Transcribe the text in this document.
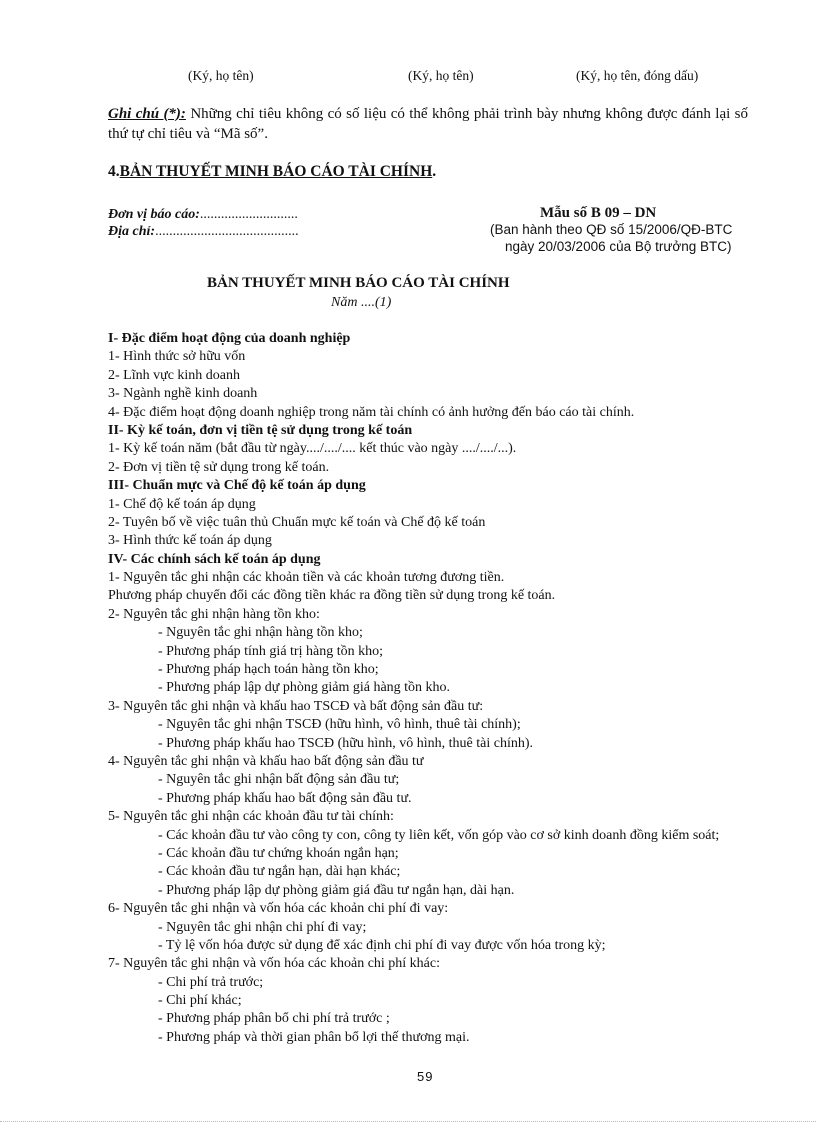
(Ký, họ tên)	(Ký, họ tên)	(Ký, họ tên, đóng dấu)
Ghi chú (*): Những chỉ tiêu không có số liệu có thể không phải trình bày nhưng không được đánh lại số thứ tự chỉ tiêu và “Mã số”.
4.BẢN THUYẾT MINH BÁO CÁO TÀI CHÍNH.
Đơn vị báo cáo:............................
Địa chỉ:.........................................
Mẫu số B 09 – DN
(Ban hành theo QĐ số 15/2006/QĐ-BTC
ngày 20/03/2006 của Bộ trưởng BTC)
BẢN THUYẾT MINH BÁO CÁO TÀI CHÍNH
Năm ....(1)
I- Đặc điểm hoạt động của doanh nghiệp
1- Hình thức sở hữu vốn
2- Lĩnh vực kinh doanh
3- Ngành nghề kinh doanh
4- Đặc điểm hoạt động doanh nghiệp trong năm tài chính có ảnh hưởng đến báo cáo tài chính.
II- Kỳ kế toán, đơn vị tiền tệ sử dụng trong kế toán
1- Kỳ kế toán năm (bắt đầu từ ngày..../..../.... kết thúc vào ngày ..../..../...).
2- Đơn vị tiền tệ sử dụng trong kế toán.
III- Chuẩn mực và Chế độ kế toán áp dụng
1- Chế độ kế toán áp dụng
2- Tuyên bố về việc tuân thủ Chuẩn mực kế toán và Chế độ kế toán
3- Hình thức kế toán áp dụng
IV- Các chính sách kế toán áp dụng
1- Nguyên tắc ghi nhận các khoản tiền và các khoản tương đương tiền.
Phương pháp chuyển đổi các đồng tiền khác ra đồng tiền sử dụng trong kế toán.
2- Nguyên tắc ghi nhận hàng tồn kho:
- Nguyên tắc ghi nhận hàng tồn kho;
- Phương pháp tính giá trị hàng tồn kho;
- Phương pháp hạch toán hàng tồn kho;
- Phương pháp lập dự phòng giảm giá hàng tồn kho.
3- Nguyên tắc ghi nhận và khấu hao TSCĐ và bất động sản đầu tư:
- Nguyên tắc ghi nhận TSCĐ (hữu hình, vô hình, thuê tài chính);
- Phương pháp khấu hao TSCĐ (hữu hình, vô hình, thuê tài chính).
4- Nguyên tắc ghi nhận và khấu hao bất động sản đầu tư
- Nguyên tắc ghi nhận bất động sản đầu tư;
- Phương pháp khấu hao bất động sản đầu tư.
5- Nguyên tắc ghi nhận các khoản đầu tư tài chính:
- Các khoản đầu tư vào công ty con, công ty liên kết, vốn góp vào cơ sở kinh doanh đồng kiểm soát;
- Các khoản đầu tư chứng khoán ngắn hạn;
- Các khoản đầu tư ngắn hạn, dài hạn khác;
- Phương pháp lập dự phòng giảm giá đầu tư ngắn hạn, dài hạn.
6- Nguyên tắc ghi nhận và vốn hóa các khoản chi phí đi vay:
- Nguyên tắc ghi nhận chi phí đi vay;
- Tỷ lệ vốn hóa được sử dụng để xác định chi phí đi vay được vốn hóa trong kỳ;
7- Nguyên tắc ghi nhận và vốn hóa các khoản chi phí khác:
- Chi phí trả trước;
- Chi phí khác;
- Phương pháp phân bổ chi phí trả trước ;
- Phương pháp và thời gian phân bổ lợi thế thương mại.
59
